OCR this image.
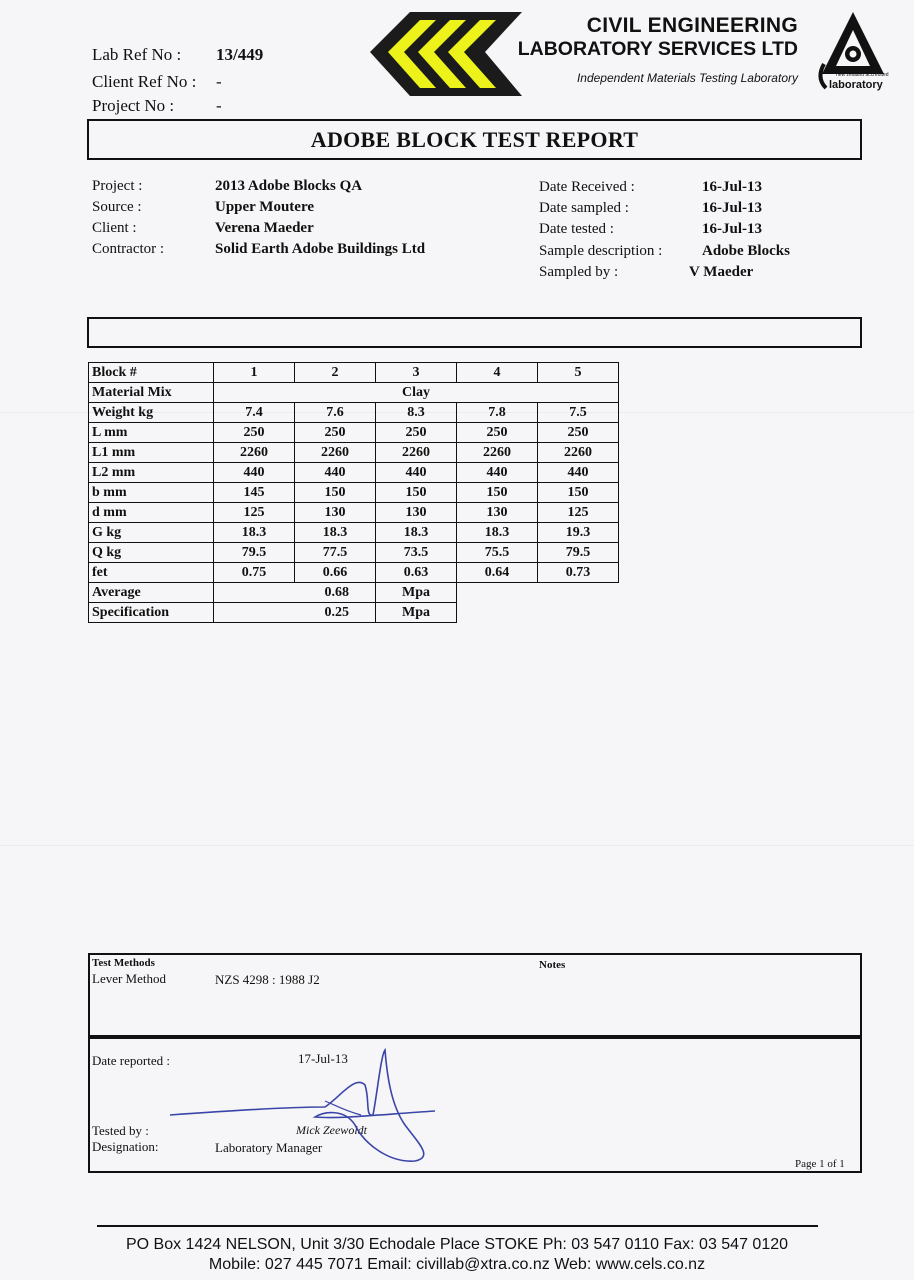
Lab Ref No : 13/449
Client Ref No : -
Project No : -
CIVIL ENGINEERING
LABORATORY SERVICES LTD
Independent Materials Testing Laboratory	new zealand accredited
laboratory
ADOBE BLOCK TEST REPORT
Project :	2013 Adobe Blocks QA
Source :	Upper Moutere
Client :	Verena Maeder
Contractor :	Solid Earth Adobe Buildings Ltd
Date Received :	16-Jul-13
Date sampled :	16-Jul-13
Date tested :	16-Jul-13
Sample description :	Adobe Blocks
Sampled by :	V Maeder
Block #	1	2	3	4	5
Material Mix	Clay				
Weight kg	7.4	7.6	8.3	7.8	7.5
L mm	250	250	250	250	250
L1 mm	2260	2260	2260	2260	2260
L2 mm	440	440	440	440	440
b mm	145	150	150	150	150
d mm	125	130	130	130	125
G kg	18.3	18.3	18.3	18.3	19.3
Q kg	79.5	77.5	73.5	75.5	79.5
fet	0.75	0.66	0.63	0.64	0.73
Average	0.68		Mpa		
Specification	0.25		Mpa		
Test Methods
Lever Method	NZS 4298 : 1988 J2
Notes
Date reported :	17-Jul-13
Tested by :	Mick Zeewoldt
Designation:	Laboratory Manager
Page 1 of 1
PO Box 1424 NELSON, Unit 3/30 Echodale Place STOKE Ph: 03 547 0110 Fax: 03 547 0120
Mobile: 027 445 7071 Email: civillab@xtra.co.nz Web: www.cels.co.nz
